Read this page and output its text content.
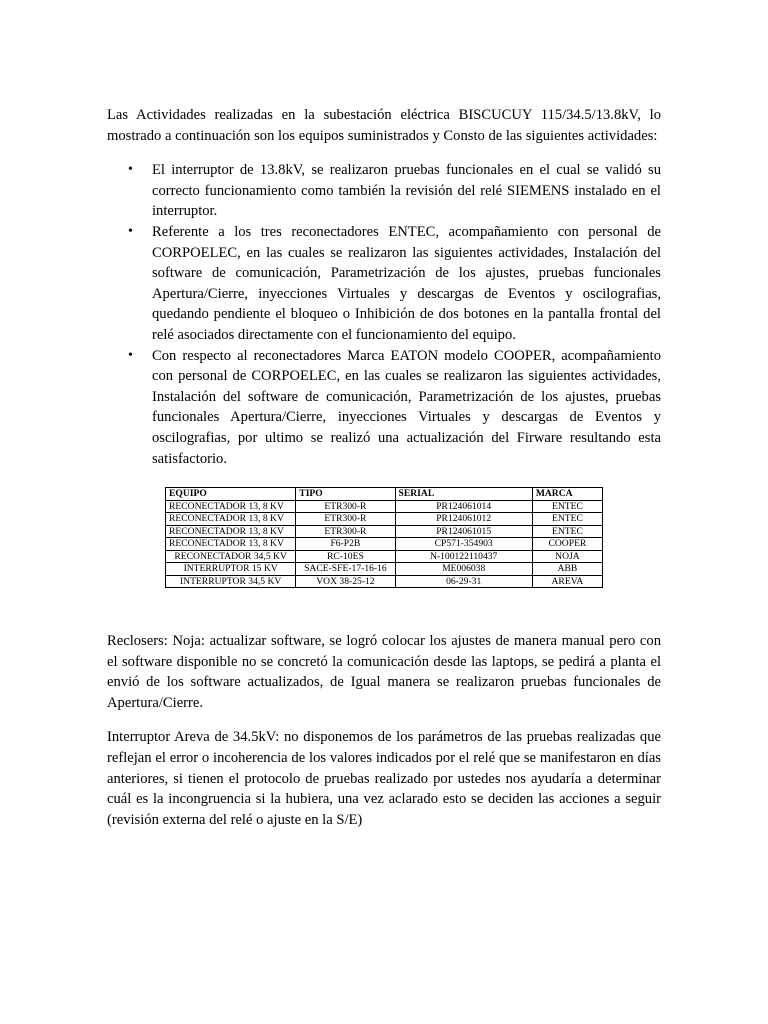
Las Actividades realizadas en la subestación eléctrica BISCUCUY 115/34.5/13.8kV, lo mostrado a continuación son los equipos suministrados y Consto de las siguientes actividades:

• El interruptor de 13.8kV, se realizaron pruebas funcionales en el cual se validó su correcto funcionamiento como también la revisión del relé SIEMENS instalado en el interruptor.
• Referente a los tres reconectadores ENTEC, acompañamiento con personal de CORPOELEC, en las cuales se realizaron las siguientes actividades, Instalación del software de comunicación, Parametrización de los ajustes, pruebas funcionales Apertura/Cierre, inyecciones Virtuales y descargas de Eventos y oscilografias, quedando pendiente el bloqueo o Inhibición de dos botones en la pantalla frontal del relé asociados directamente con el funcionamiento del equipo.
• Con respecto al reconectadores Marca EATON modelo COOPER, acompañamiento con personal de CORPOELEC, en las cuales se realizaron las siguientes actividades, Instalación del software de comunicación, Parametrización de los ajustes, pruebas funcionales Apertura/Cierre, inyecciones Virtuales y descargas de Eventos y oscilografias, por ultimo se realizó una actualización del Firware resultando esta satisfactorio.
EQUIPO	TIPO	SERIAL	MARCA
RECONECTADOR 13, 8 KV	ETR300-R	PR124061014	ENTEC
RECONECTADOR 13, 8 KV	ETR300-R	PR124061012	ENTEC
RECONECTADOR 13, 8 KV	ETR300-R	PR124061015	ENTEC
RECONECTADOR 13, 8 KV	F6-P2B	CP571-354903	COOPER
RECONECTADOR 34,5 KV	RC-10ES	N-100122110437	NOJA
INTERRUPTOR 15 KV	SACE-SFE-17-16-16	ME006038	ABB
INTERRUPTOR 34,5 KV	VOX 38-25-12	06-29-31	AREVA

Reclosers: Noja: actualizar software, se logró colocar los ajustes de manera manual pero con el software disponible no se concretó la comunicación desde las laptops, se pedirá a planta el envió de los software actualizados, de Igual manera se realizaron pruebas funcionales de Apertura/Cierre.

Interruptor Areva de 34.5kV: no disponemos de los parámetros de las pruebas realizadas que reflejan el error o incoherencia de los valores indicados por el relé que se manifestaron en días anteriores, si tienen el protocolo de pruebas realizado por ustedes nos ayudaría a determinar cuál es la incongruencia si la hubiera, una vez aclarado esto se deciden las acciones a seguir (revisión externa del relé o ajuste en la S/E)
